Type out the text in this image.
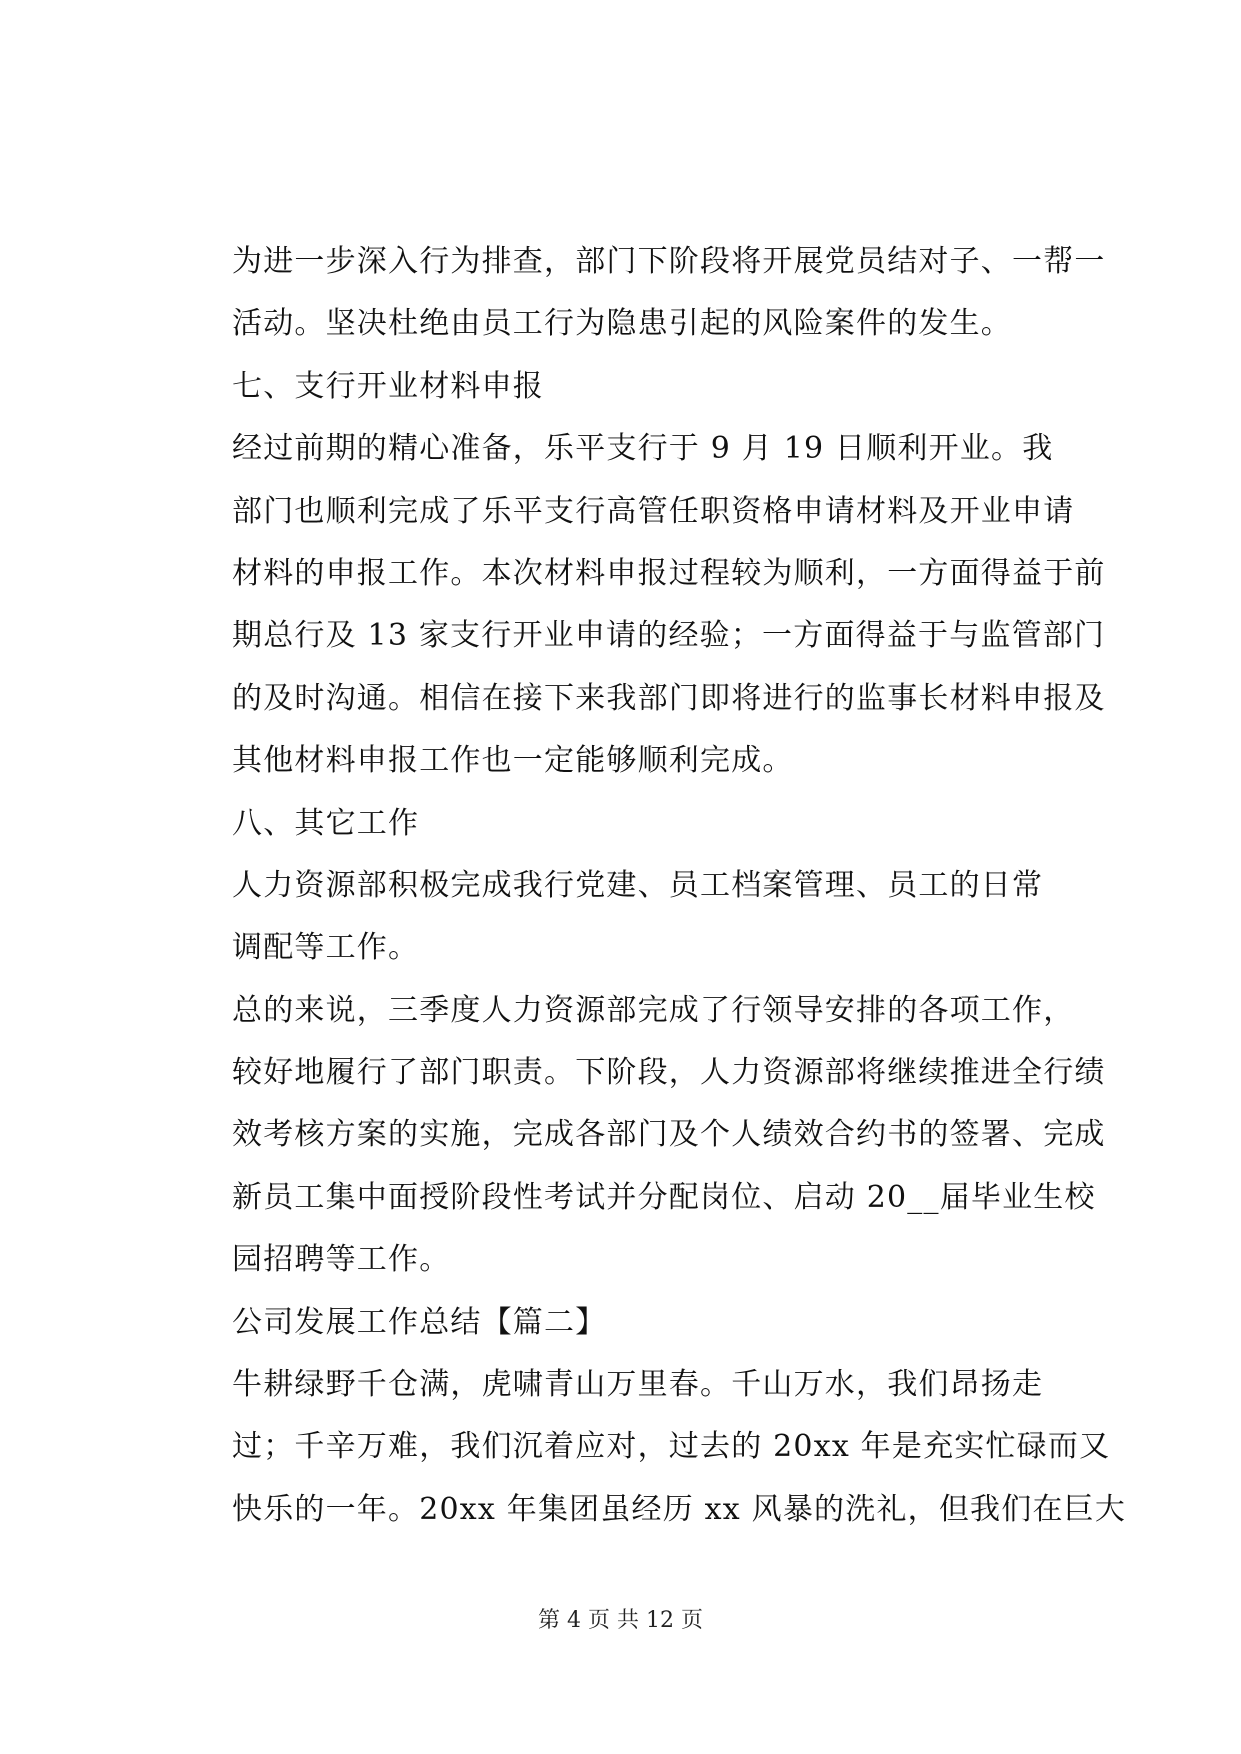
为进一步深入行为排查，部门下阶段将开展党员结对子、一帮一
活动。坚决杜绝由员工行为隐患引起的风险案件的发生。
七、支行开业材料申报
经过前期的精心准备，乐平支行于 9 月 19 日顺利开业。我
部门也顺利完成了乐平支行高管任职资格申请材料及开业申请
材料的申报工作。本次材料申报过程较为顺利，一方面得益于前
期总行及 13 家支行开业申请的经验；一方面得益于与监管部门
的及时沟通。相信在接下来我部门即将进行的监事长材料申报及
其他材料申报工作也一定能够顺利完成。
八、其它工作
人力资源部积极完成我行党建、员工档案管理、员工的日常
调配等工作。
总的来说，三季度人力资源部完成了行领导安排的各项工作，
较好地履行了部门职责。下阶段，人力资源部将继续推进全行绩
效考核方案的实施，完成各部门及个人绩效合约书的签署、完成
新员工集中面授阶段性考试并分配岗位、启动 20__届毕业生校
园招聘等工作。
公司发展工作总结【篇二】
牛耕绿野千仓满，虎啸青山万里春。千山万水，我们昂扬走
过；千辛万难，我们沉着应对，过去的 20xx 年是充实忙碌而又
快乐的一年。20xx 年集团虽经历 xx 风暴的洗礼，但我们在巨大
第 4 页 共 12 页
